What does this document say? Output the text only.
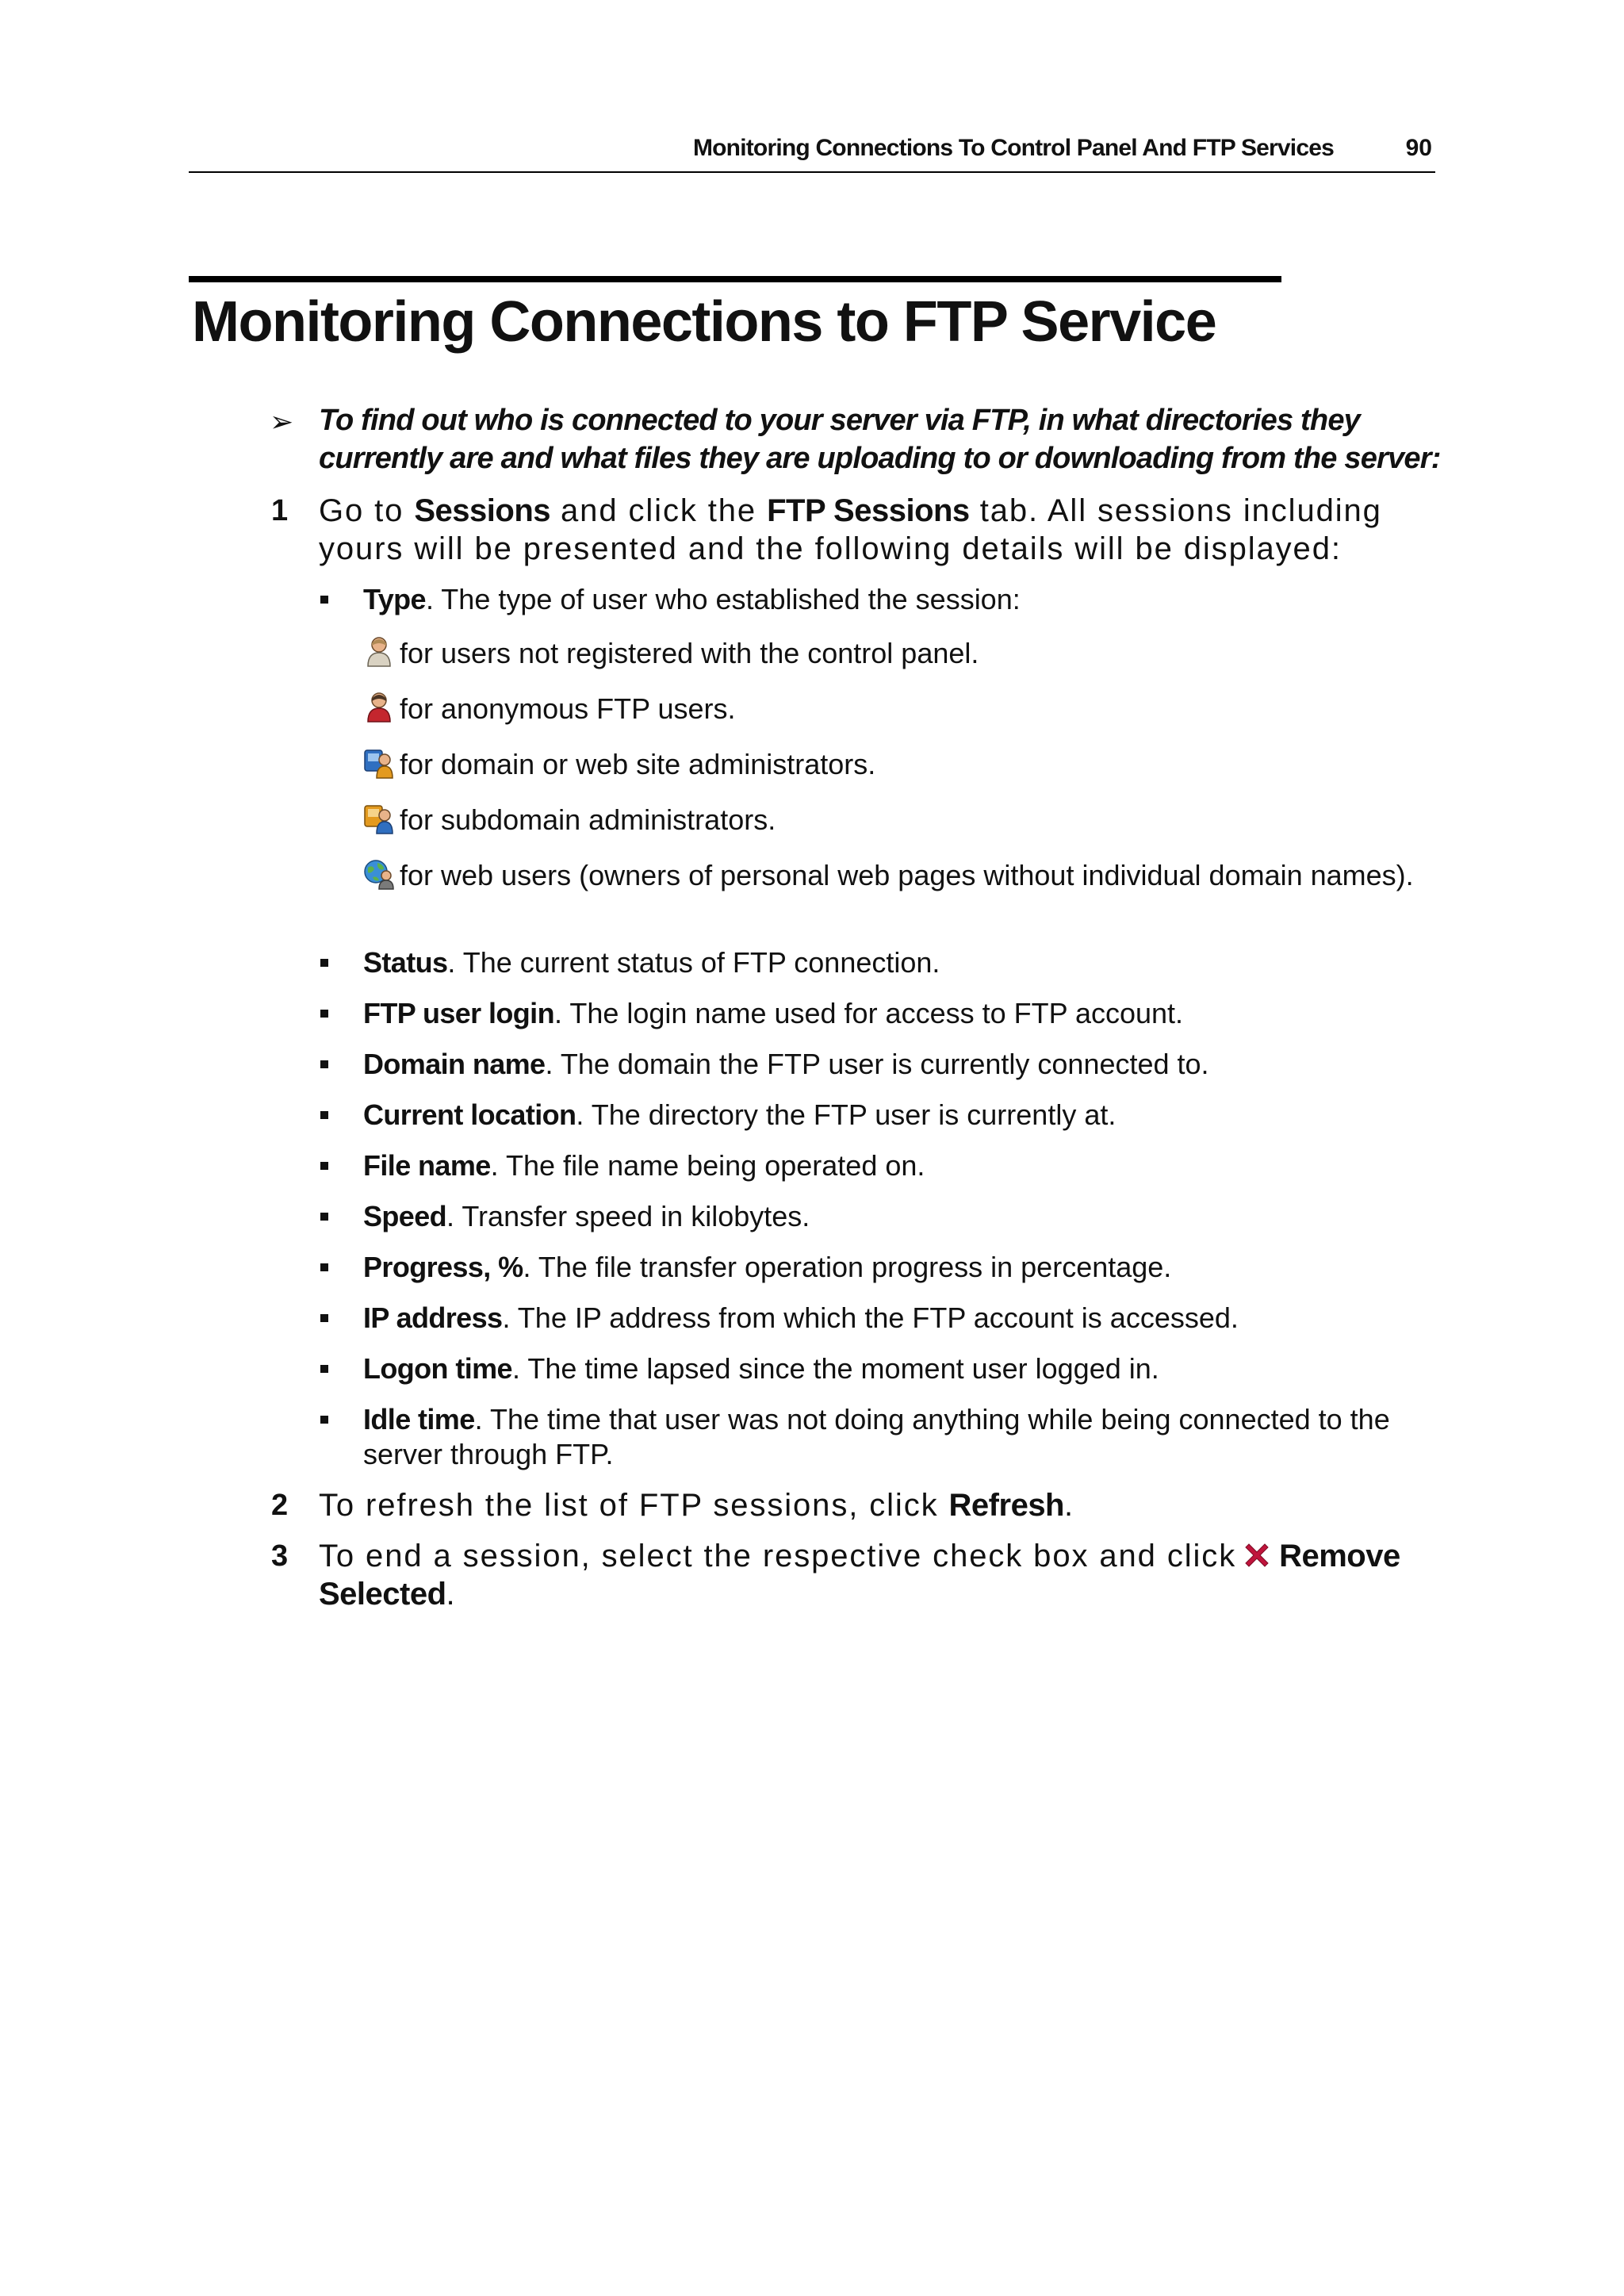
Monitoring Connections To Control Panel And FTP Services	90
Monitoring Connections to FTP Service
➢ To find out who is connected to your server via FTP, in what directories they currently are and what files they are uploading to or downloading from the server:
1 Go to Sessions and click the FTP Sessions tab. All sessions including yours will be presented and the following details will be displayed:
Type. The type of user who established the session:
for users not registered with the control panel.
for anonymous FTP users.
for domain or web site administrators.
for subdomain administrators.
for web users (owners of personal web pages without individual domain names).
Status. The current status of FTP connection.
FTP user login. The login name used for access to FTP account.
Domain name. The domain the FTP user is currently connected to.
Current location. The directory the FTP user is currently at.
File name. The file name being operated on.
Speed. Transfer speed in kilobytes.
Progress, %. The file transfer operation progress in percentage.
IP address. The IP address from which the FTP account is accessed.
Logon time. The time lapsed since the moment user logged in.
Idle time. The time that user was not doing anything while being connected to the server through FTP.
2 To refresh the list of FTP sessions, click Refresh.
3 To end a session, select the respective check box and click Remove Selected.
